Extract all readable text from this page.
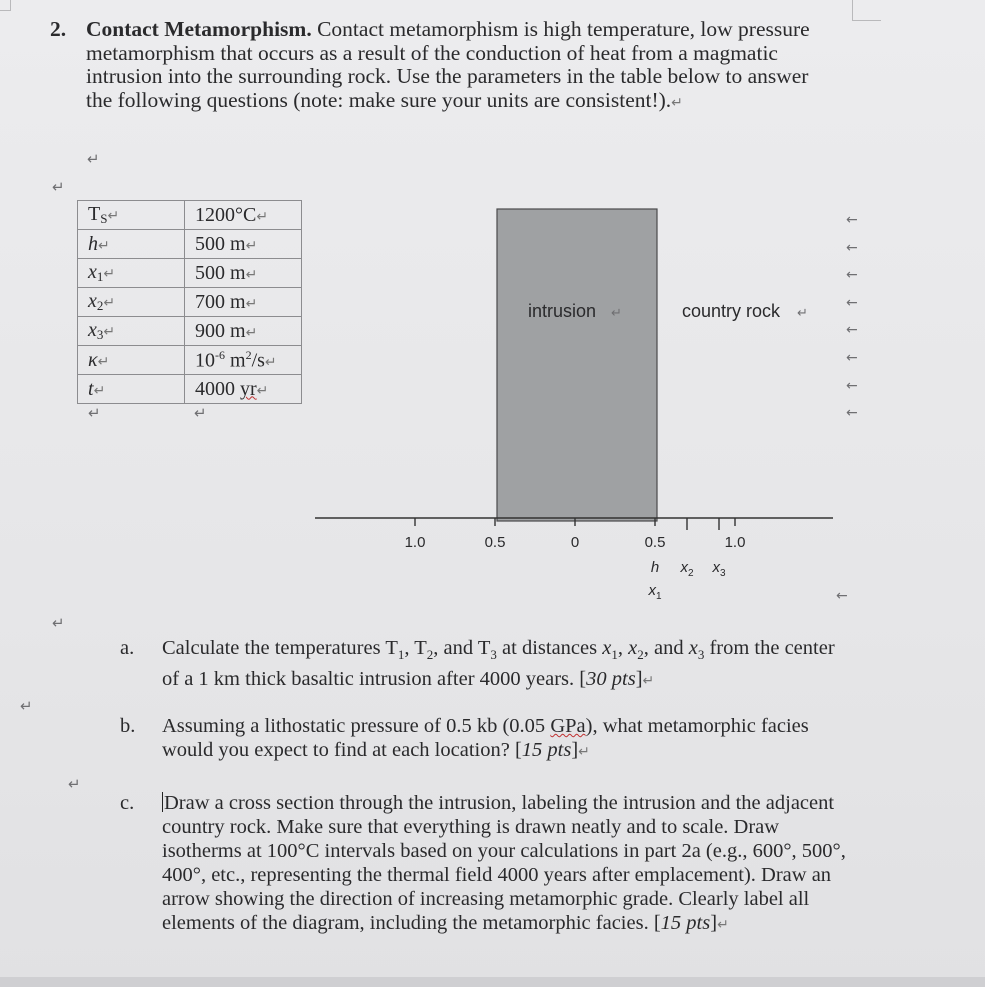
2. Contact Metamorphism. Contact metamorphism is high temperature, low pressure metamorphism that occurs as a result of the conduction of heat from a magmatic intrusion into the surrounding rock. Use the parameters in the table below to answer the following questions (note: make sure your units are consistent!).↵
↵
↵
TS↵	1200°C↵
h↵	500 m↵
x1↵	500 m↵
x2↵	700 m↵
x3↵	900 m↵
κ↵	$10^{-6}$ $m^2/s↵$
t↵	4000 yr↵
↵	↵
intrusion ↵	country rock ↵
1.0	0.5	0	0.5	1.0
h $x_2$ $x_3$
$x_1$
←
←
←
←
←
←
←
←
←
↵
a. Calculate the temperatures $T_1$, $T_2$, and $T_3$ at distances $x_1$, $x_2$, and $x_3$ from the center of a 1 km thick basaltic intrusion after 4000 years. [30 pts]↵
↵
b. Assuming a lithostatic pressure of 0.5 kb (0.05 GPa), what metamorphic facies would you expect to find at each location? [15 pts]↵
↵
c. Draw a cross section through the intrusion, labeling the intrusion and the adjacent country rock. Make sure that everything is drawn neatly and to scale. Draw isotherms at 100°C intervals based on your calculations in part 2a (e.g., 600°, 500°, 400°, etc., representing the thermal field 4000 years after emplacement). Draw an arrow showing the direction of increasing metamorphic grade. Clearly label all elements of the diagram, including the metamorphic facies. [15 pts]↵
